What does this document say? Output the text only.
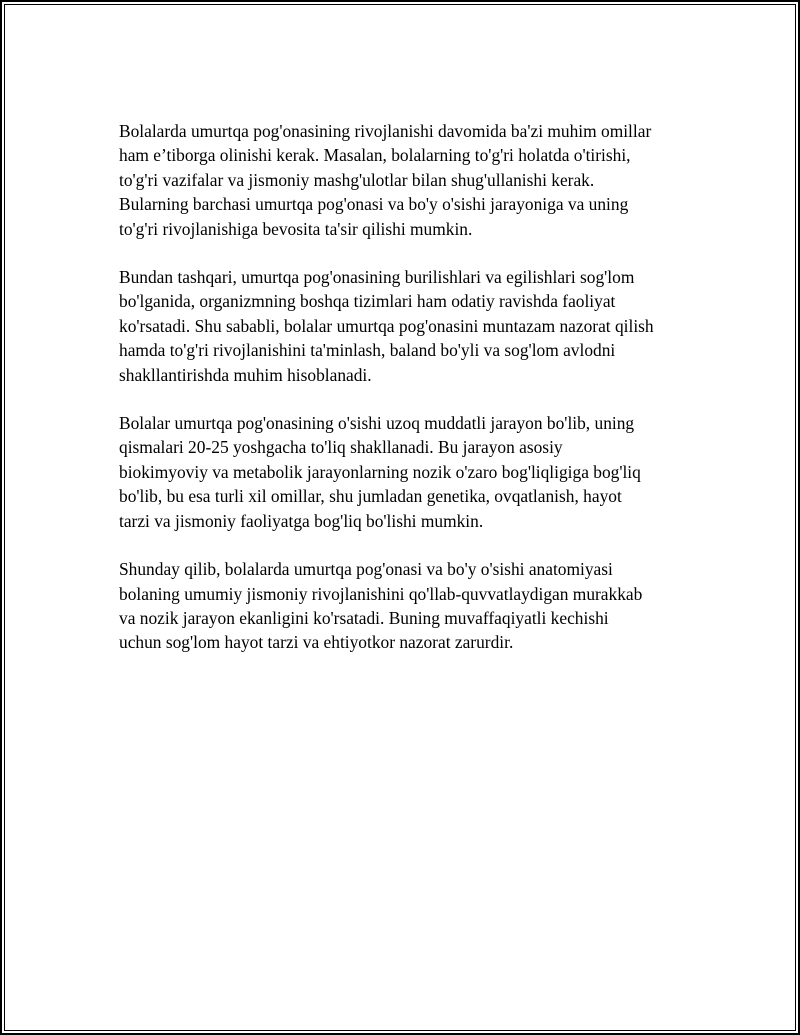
Bolalarda umurtqa pog'onasining rivojlanishi davomida ba'zi muhim omillar
ham e’tiborga olinishi kerak. Masalan, bolalarning to'g'ri holatda o'tirishi,
to'g'ri vazifalar va jismoniy mashg'ulotlar bilan shug'ullanishi kerak.
Bularning barchasi umurtqa pog'onasi va bo'y o'sishi jarayoniga va uning
to'g'ri rivojlanishiga bevosita ta'sir qilishi mumkin.

Bundan tashqari, umurtqa pog'onasining burilishlari va egilishlari sog'lom
bo'lganida, organizmning boshqa tizimlari ham odatiy ravishda faoliyat
ko'rsatadi. Shu sababli, bolalar umurtqa pog'onasini muntazam nazorat qilish
hamda to'g'ri rivojlanishini ta'minlash, baland bo'yli va sog'lom avlodni
shakllantirishda muhim hisoblanadi.

Bolalar umurtqa pog'onasining o'sishi uzoq muddatli jarayon bo'lib, uning
qismalari 20-25 yoshgacha to'liq shakllanadi. Bu jarayon asosiy
biokimyoviy va metabolik jarayonlarning nozik o'zaro bog'liqligiga bog'liq
bo'lib, bu esa turli xil omillar, shu jumladan genetika, ovqatlanish, hayot
tarzi va jismoniy faoliyatga bog'liq bo'lishi mumkin.

Shunday qilib, bolalarda umurtqa pog'onasi va bo'y o'sishi anatomiyasi
bolaning umumiy jismoniy rivojlanishini qo'llab-quvvatlaydigan murakkab
va nozik jarayon ekanligini ko'rsatadi. Buning muvaffaqiyatli kechishi
uchun sog'lom hayot tarzi va ehtiyotkor nazorat zarurdir.
